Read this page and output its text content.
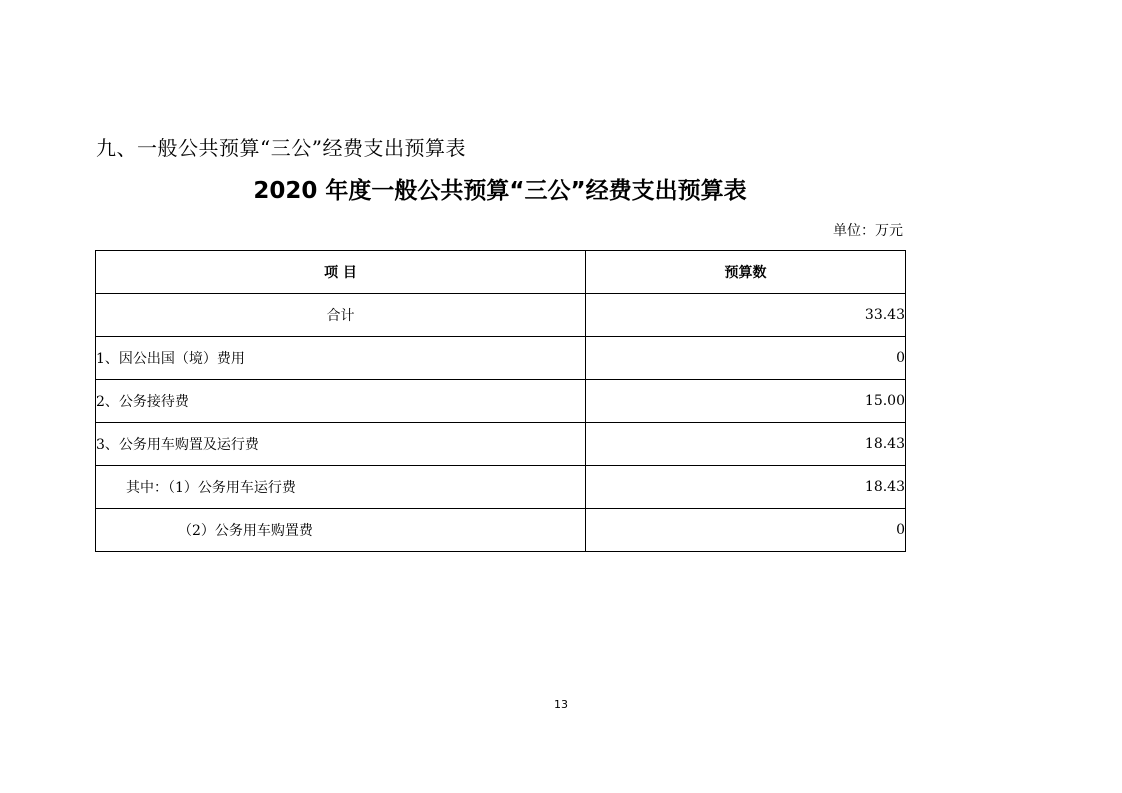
九、一般公共预算“三公”经费支出预算表
2020 年度一般公共预算“三公”经费支出预算表
单位：万元
项 目	预算数
合计	33.43
1、因公出国（境）费用	0
2、公务接待费	15.00
3、公务用车购置及运行费	18.43
其中：（1）公务用车运行费	18.43
（2）公务用车购置费	0
13
